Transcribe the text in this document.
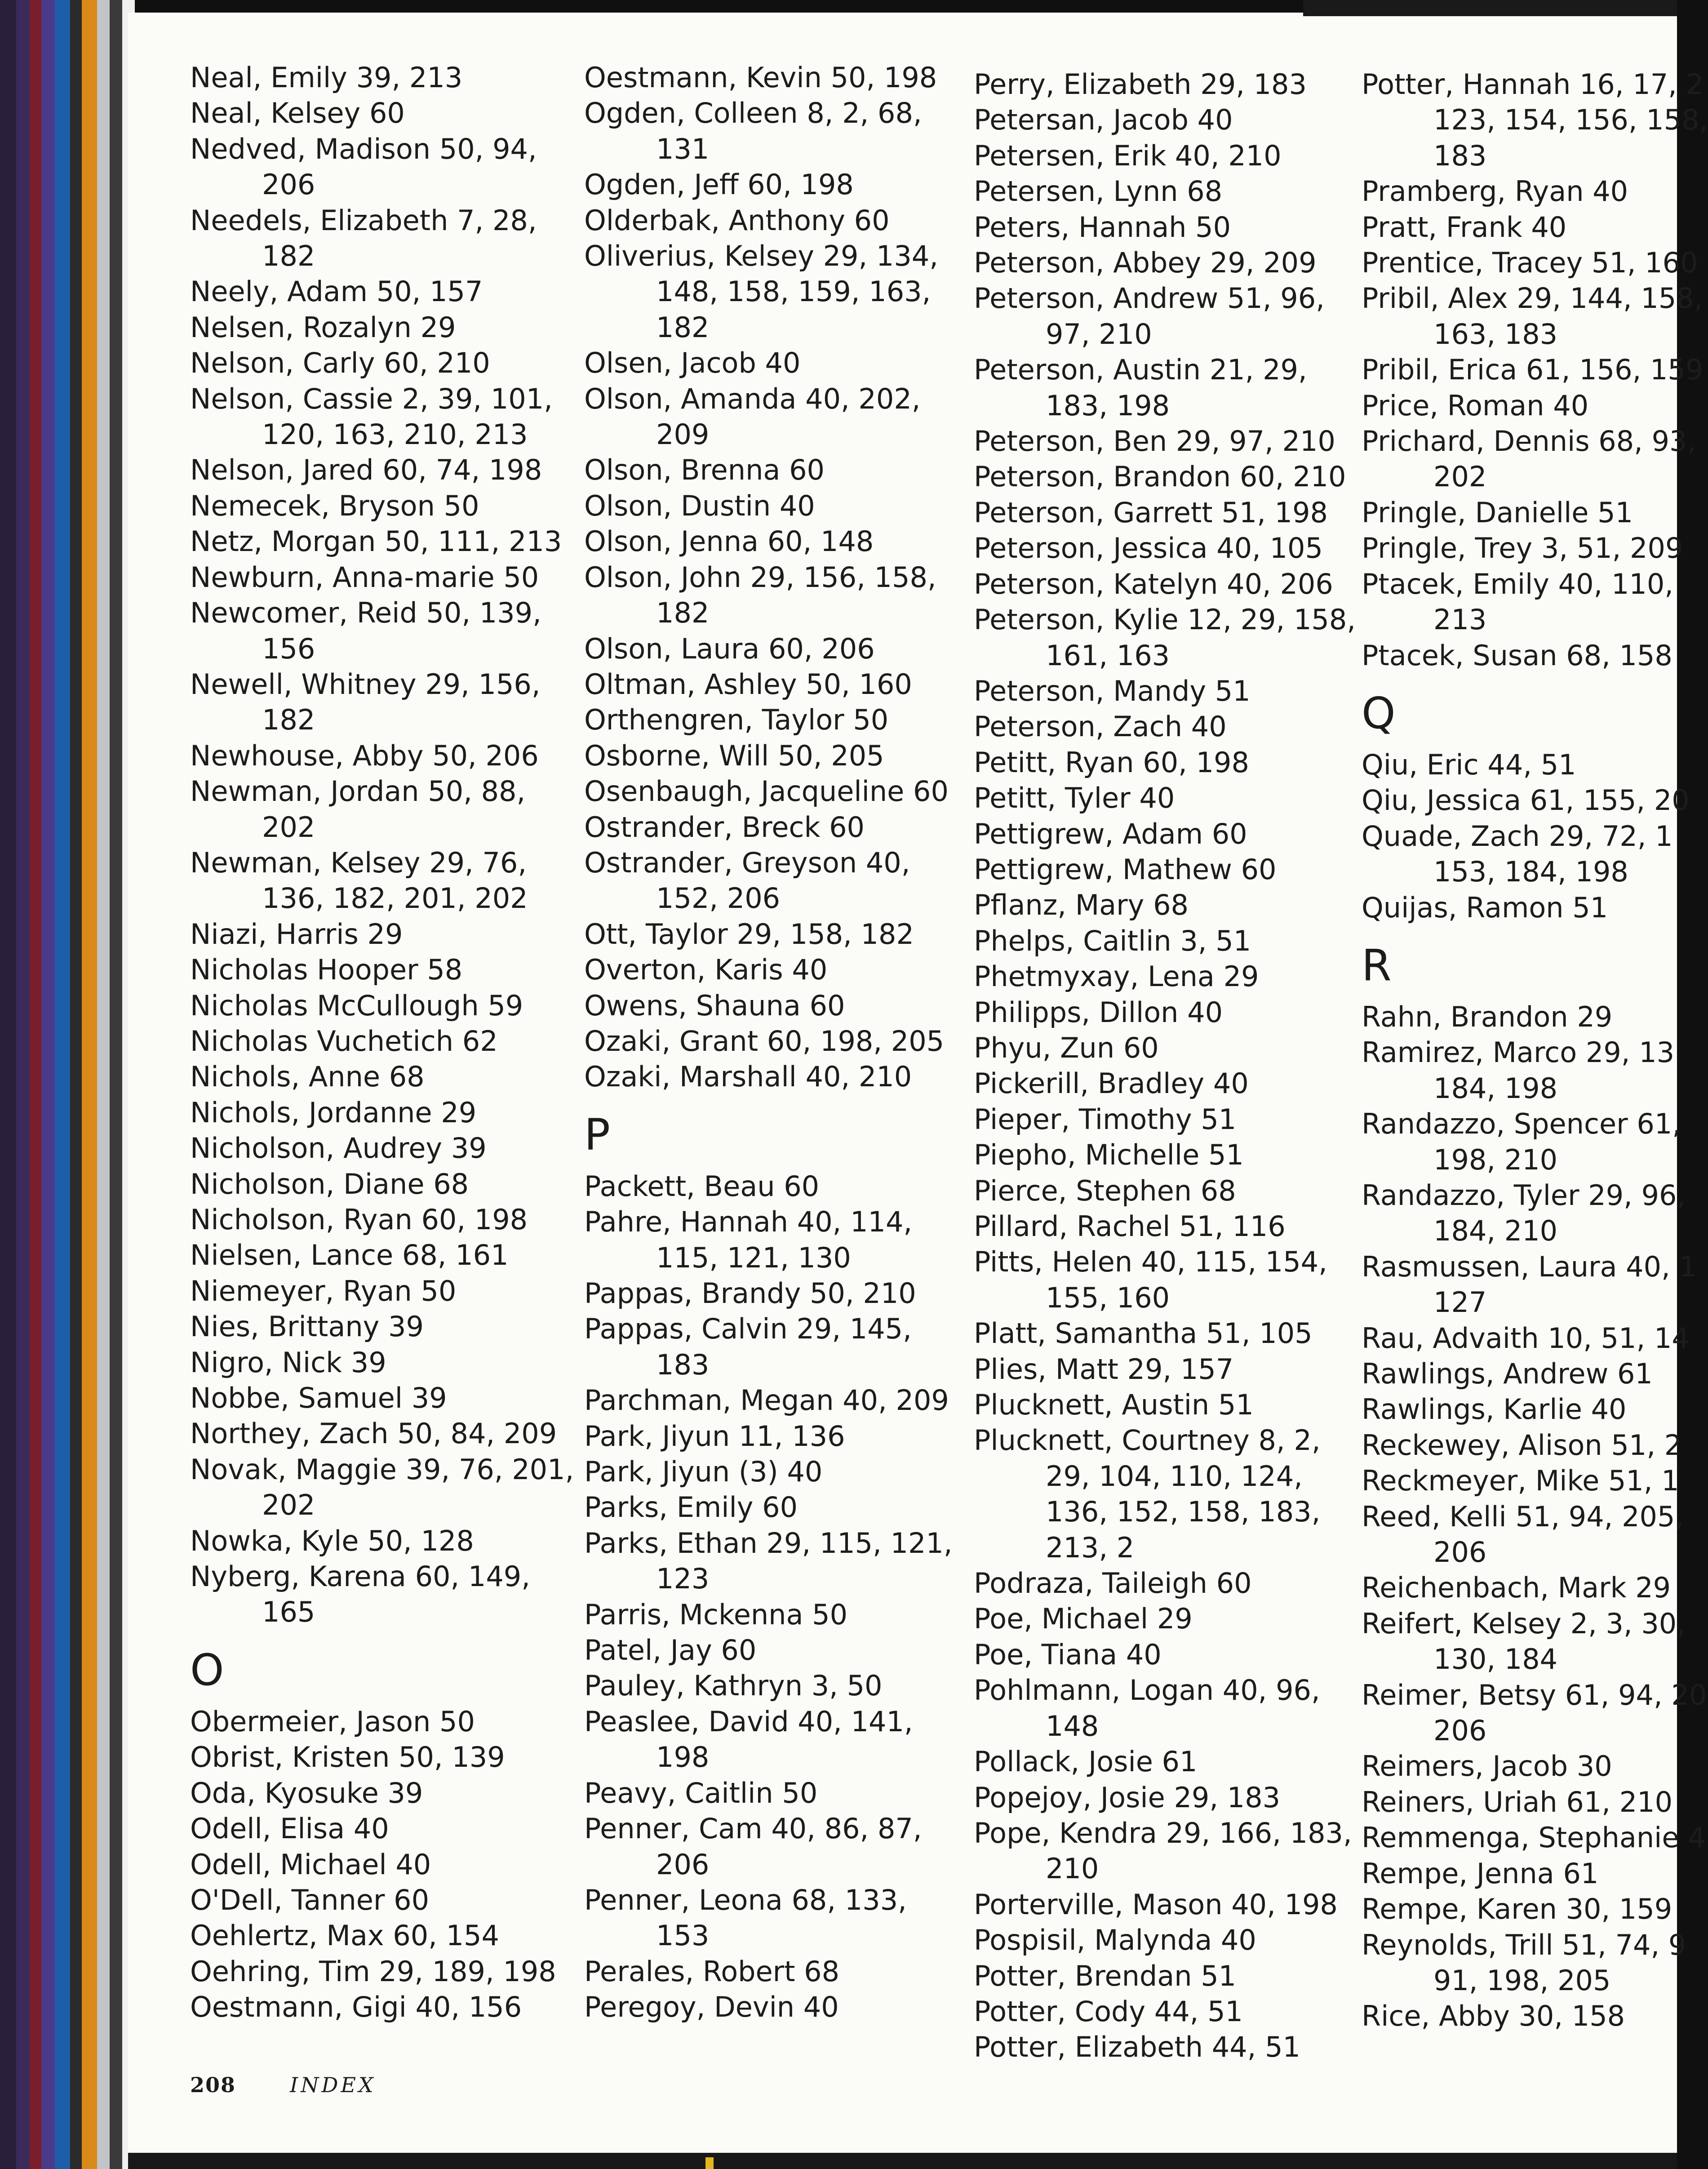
Neal, Emily 39, 213
Neal, Kelsey 60
Nedved, Madison 50, 94,
206
Needels, Elizabeth 7, 28,
182
Neely, Adam 50, 157
Nelsen, Rozalyn 29
Nelson, Carly 60, 210
Nelson, Cassie 2, 39, 101,
120, 163, 210, 213
Nelson, Jared 60, 74, 198
Nemecek, Bryson 50
Netz, Morgan 50, 111, 213
Newburn, Anna-marie 50
Newcomer, Reid 50, 139,
156
Newell, Whitney 29, 156,
182
Newhouse, Abby 50, 206
Newman, Jordan 50, 88,
202
Newman, Kelsey 29, 76,
136, 182, 201, 202
Niazi, Harris 29
Nicholas Hooper 58
Nicholas McCullough 59
Nicholas Vuchetich 62
Nichols, Anne 68
Nichols, Jordanne 29
Nicholson, Audrey 39
Nicholson, Diane 68
Nicholson, Ryan 60, 198
Nielsen, Lance 68, 161
Niemeyer, Ryan 50
Nies, Brittany 39
Nigro, Nick 39
Nobbe, Samuel 39
Northey, Zach 50, 84, 209
Novak, Maggie 39, 76, 201,
202
Nowka, Kyle 50, 128
Nyberg, Karena 60, 149,
165
O
Obermeier, Jason 50
Obrist, Kristen 50, 139
Oda, Kyosuke 39
Odell, Elisa 40
Odell, Michael 40
O'Dell, Tanner 60
Oehlertz, Max 60, 154
Oehring, Tim 29, 189, 198
Oestmann, Gigi 40, 156
Oestmann, Kevin 50, 198
Ogden, Colleen 8, 2, 68,
131
Ogden, Jeff 60, 198
Olderbak, Anthony 60
Oliverius, Kelsey 29, 134,
148, 158, 159, 163,
182
Olsen, Jacob 40
Olson, Amanda 40, 202,
209
Olson, Brenna 60
Olson, Dustin 40
Olson, Jenna 60, 148
Olson, John 29, 156, 158,
182
Olson, Laura 60, 206
Oltman, Ashley 50, 160
Orthengren, Taylor 50
Osborne, Will 50, 205
Osenbaugh, Jacqueline 60
Ostrander, Breck 60
Ostrander, Greyson 40,
152, 206
Ott, Taylor 29, 158, 182
Overton, Karis 40
Owens, Shauna 60
Ozaki, Grant 60, 198, 205
Ozaki, Marshall 40, 210
P
Packett, Beau 60
Pahre, Hannah 40, 114,
115, 121, 130
Pappas, Brandy 50, 210
Pappas, Calvin 29, 145,
183
Parchman, Megan 40, 209
Park, Jiyun 11, 136
Park, Jiyun (3) 40
Parks, Emily 60
Parks, Ethan 29, 115, 121,
123
Parris, Mckenna 50
Patel, Jay 60
Pauley, Kathryn 3, 50
Peaslee, David 40, 141,
198
Peavy, Caitlin 50
Penner, Cam 40, 86, 87,
206
Penner, Leona 68, 133,
153
Perales, Robert 68
Peregoy, Devin 40
Perry, Elizabeth 29, 183
Petersan, Jacob 40
Petersen, Erik 40, 210
Petersen, Lynn 68
Peters, Hannah 50
Peterson, Abbey 29, 209
Peterson, Andrew 51, 96,
97, 210
Peterson, Austin 21, 29,
183, 198
Peterson, Ben 29, 97, 210
Peterson, Brandon 60, 210
Peterson, Garrett 51, 198
Peterson, Jessica 40, 105
Peterson, Katelyn 40, 206
Peterson, Kylie 12, 29, 158,
161, 163
Peterson, Mandy 51
Peterson, Zach 40
Petitt, Ryan 60, 198
Petitt, Tyler 40
Pettigrew, Adam 60
Pettigrew, Mathew 60
Pflanz, Mary 68
Phelps, Caitlin 3, 51
Phetmyxay, Lena 29
Philipps, Dillon 40
Phyu, Zun 60
Pickerill, Bradley 40
Pieper, Timothy 51
Piepho, Michelle 51
Pierce, Stephen 68
Pillard, Rachel 51, 116
Pitts, Helen 40, 115, 154,
155, 160
Platt, Samantha 51, 105
Plies, Matt 29, 157
Plucknett, Austin 51
Plucknett, Courtney 8, 2,
29, 104, 110, 124,
136, 152, 158, 183,
213, 2
Podraza, Taileigh 60
Poe, Michael 29
Poe, Tiana 40
Pohlmann, Logan 40, 96,
148
Pollack, Josie 61
Popejoy, Josie 29, 183
Pope, Kendra 29, 166, 183,
210
Porterville, Mason 40, 198
Pospisil, Malynda 40
Potter, Brendan 51
Potter, Cody 44, 51
Potter, Elizabeth 44, 51
Potter, Hannah 16, 17, 2
123, 154, 156, 158,
183
Pramberg, Ryan 40
Pratt, Frank 40
Prentice, Tracey 51, 160
Pribil, Alex 29, 144, 158,
163, 183
Pribil, Erica 61, 156, 159
Price, Roman 40
Prichard, Dennis 68, 93,
202
Pringle, Danielle 51
Pringle, Trey 3, 51, 209
Ptacek, Emily 40, 110,
213
Ptacek, Susan 68, 158
Q
Qiu, Eric 44, 51
Qiu, Jessica 61, 155, 20
Quade, Zach 29, 72, 1
153, 184, 198
Quijas, Ramon 51
R
Rahn, Brandon 29
Ramirez, Marco 29, 13
184, 198
Randazzo, Spencer 61,
198, 210
Randazzo, Tyler 29, 96,
184, 210
Rasmussen, Laura 40, 1
127
Rau, Advaith 10, 51, 14
Rawlings, Andrew 61
Rawlings, Karlie 40
Reckewey, Alison 51, 2
Reckmeyer, Mike 51, 1
Reed, Kelli 51, 94, 205,
206
Reichenbach, Mark 29
Reifert, Kelsey 2, 3, 30,
130, 184
Reimer, Betsy 61, 94, 20
206
Reimers, Jacob 30
Reiners, Uriah 61, 210
Remmenga, Stephanie 4
Rempe, Jenna 61
Rempe, Karen 30, 159
Reynolds, Trill 51, 74, 9
91, 198, 205
Rice, Abby 30, 158
208	INDEX
